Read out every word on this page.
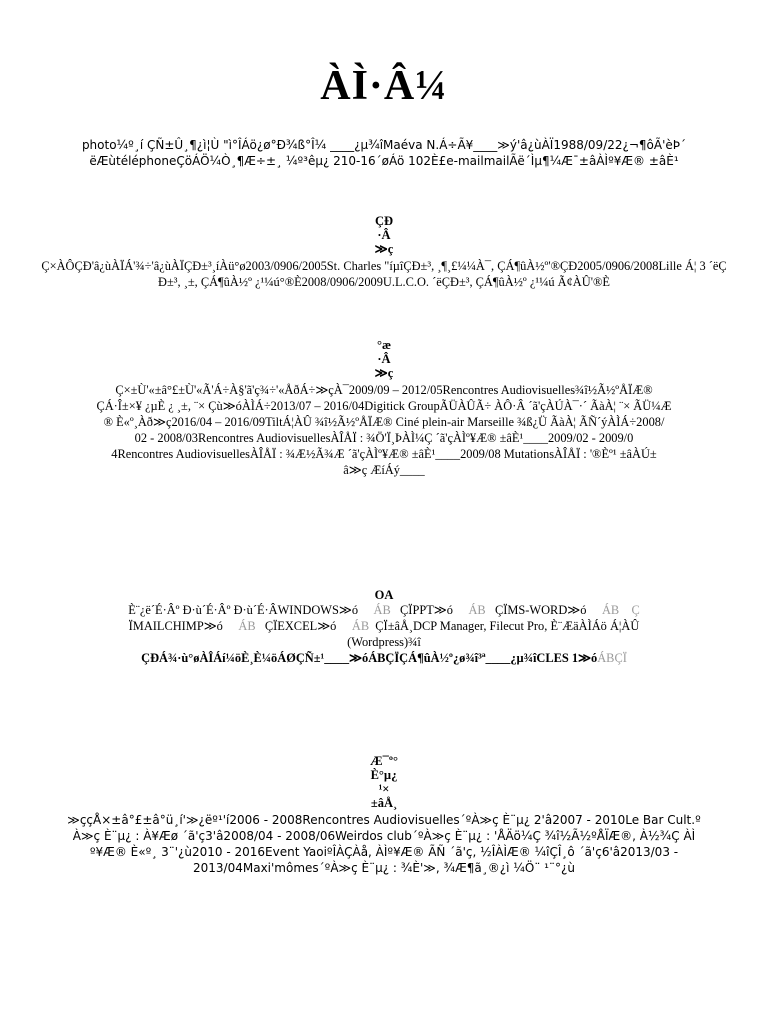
ÀÌ·Â¼
photo¼º¸í ÇÑ±Û¸¶¿ì¦Ù "ì°ÎÁö¿ø°Ð¾ß°Î¼ ____¿µ¾îMaéva N.Á÷Ã¥____≫ý'â¿ùÀÏ1988/09/22¿¬¶ôÃ'èÞ´
ëÆùtéléphoneÇöÁÖ¼Ò¸¶Æ÷±¸ ¼º³êµ¿ 210-16´øÁö 102È£e-mailmailÃë´Ìµ¶¼Æ¯±âÀÌº¥Æ® ±âÈ¹
ÇÐ
·Â
≫ç
Ç×ÀÔÇÐ'â¿ùÀÏÁ'¾÷'â¿ùÀÏÇÐ±³¸íÀü°ø2003/0906/2005St. Charles "íµîÇÐ±³, ¸¶¸£¼¼À¯, ÇÁ¶ûÀ½º'®ÇÐ2005/0906/2008Lille Á¦ 3 ´ëÇÐ±³, ¸±, ÇÁ¶ûÀ½º ¿¹¼ú°®È2008/0906/2009U.L.C.O. ´ëÇÐ±³, ÇÁ¶ûÀ½º ¿¹¼ú Ã¢ÀÛ'®È
°æ
·Â
≫ç
Ç×±Ù'«±â°£±Ù'«Ã'Á÷À§'ã'ç¾÷'«ÅðÁ÷≫çÀ¯2009/09 – 2012/05Rencontres Audiovisuelles¾î½Ã½ºÅÏÆ®
ÇÁ·Î±×¥ ¿µÈ ¿ ¸±, ¨× Çù≫óÀÌÁ÷2013/07 – 2016/04Digitick GroupÃÜÀÛÃ÷ ÀÔ·Â ´ã'çÀÚÀ¯·´ ÃàÀ¦ ¨× ÃÜ¼Æ
® È«º¸Àð≫ç2016/04 – 2016/09TiltÁ¦ÀÛ ¾î½Ã½ºÅÏÆ® Ciné plein-air Marseille ¾ß¿Ü ÃàÀ¦ ÃÑ´ýÀÌÁ÷2008/
02 - 2008/03Rencontres AudiovisuellesÀÎÅÏ : ¾Ö'Ï¸ÞÀÌ¼Ç ´ã'çÀÌº¥Æ® ±âÈ¹____2009/02 - 2009/0
4Rencontres AudiovisuellesÀÎÅÏ : ¾Æ½Ã¾Æ ´ã'çÀÌº¥Æ® ±âÈ¹____2009/08 MutationsÀÎÅÏ : '®Èº¹ ±âÀÚ±
â≫ç ÆíÁý____
OA
È¨¿ë´É·Âº Ð·ù´É·Âº Ð·ù´É·ÂWINDOWS≫ó ÁB ÇÏPPT≫ó ÁB ÇÏMS-WORD≫ó ÁB Ç
ÏMAILCHIMP≫ó ÁB ÇÏEXCEL≫ó ÁB ÇÏ±âÅ¸DCP Manager, Filecut Pro, È¨ÆäÀÌÁö Á¦ÀÛ
(Wordpress)¾î
ÇÐÁ¾·ù°øÀÎÁí¼öÈ¸È¼öÁØÇÑ±¹____≫óÁBÇÏÇÁ¶ûÀ½º¿ø¾î³ª____¿µ¾îCLES 1≫óÁBÇÏ
Æ¯º°
È°µ¿
¹×
±âÅ¸
≫ççÅ×±â°£±â°ü¸í'≫¿ëº¹'í2006 - 2008Rencontres Audiovisuelles´ºÀ≫ç È¨µ¿ 2'â2007 - 2010Le Bar Cult.º
À≫ç È¨µ¿ : À¥Æø ´ã'ç3'â2008/04 - 2008/06Weirdos club´ºÀ≫ç È¨µ¿ : 'ÅÄö¼Ç ¾î½Ã½ºÅÏÆ®, À½¾Ç ÀÌ
º¥Æ® È«º¸ 3¨'¿ù2010 - 2016Event YaoiºÎÀÇÀå, ÀÌº¥Æ® ÃÑ ´ã'ç, ½ÎÀÌÆ® ¼îÇÎ¸ô ´ã'ç6'â2013/03 -
2013/04Maxi'mômes´ºÀ≫ç È¨µ¿ : ¾È'≫, ¾Æ¶ã¸®¿ì ¼Ö¨ ¹¨°¿ù
